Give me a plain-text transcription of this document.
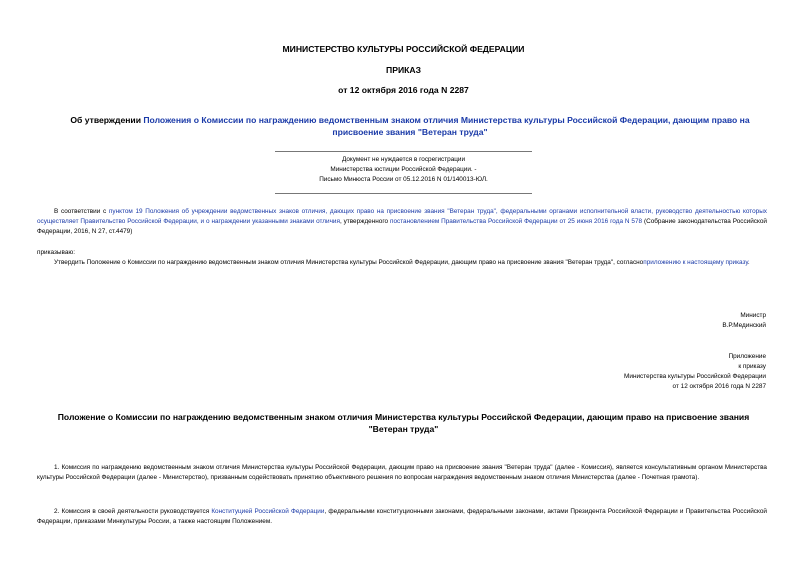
МИНИСТЕРСТВО КУЛЬТУРЫ РОССИЙСКОЙ ФЕДЕРАЦИИ
ПРИКАЗ
от 12 октября 2016 года N 2287
Об утверждении Положения о Комиссии по награждению ведомственным знаком отличия Министерства культуры Российской Федерации, дающим право на присвоение звания "Ветеран труда"
Документ не нуждается в госрегистрации
Министерства юстиции Российской Федерации. -
Письмо Минюста России от 05.12.2016 N 01/140013-ЮЛ.
В соответствии с пунктом 19 Положения об учреждении ведомственных знаков отличия, дающих право на присвоение звания "Ветеран труда", федеральными органами исполнительной власти, руководство деятельностью которых осуществляет Правительство Российской Федерации, и о награждении указанными знаками отличия, утвержденного постановлением Правительства Российской Федерации от 25 июня 2016 года N 578 (Собрание законодательства Российской Федерации, 2016, N 27, ст.4479)
приказываю:
Утвердить Положение о Комиссии по награждению ведомственным знаком отличия Министерства культуры Российской Федерации, дающим право на присвоение звания "Ветеран труда", согласноприложению к настоящему приказу.
Министр
В.Р.Мединский
Приложение
к приказу
Министерства культуры Российской Федерации
от 12 октября 2016 года N 2287
Положение о Комиссии по награждению ведомственным знаком отличия Министерства культуры Российской Федерации, дающим право на присвоение звания "Ветеран труда"
1. Комиссия по награждению ведомственным знаком отличия Министерства культуры Российской Федерации, дающим право на присвоение звания "Ветеран труда" (далее - Комиссия), является консультативным органом Министерства культуры Российской Федерации (далее - Министерство), призванным содействовать принятию объективного решения по вопросам награждения ведомственным знаком отличия Министерства (далее - Почетная грамота).
2. Комиссия в своей деятельности руководствуется Конституцией Российской Федерации, федеральными конституционными законами, федеральными законами, актами Президента Российской Федерации и Правительства Российской Федерации, приказами Минкультуры России, а также настоящим Положением.
